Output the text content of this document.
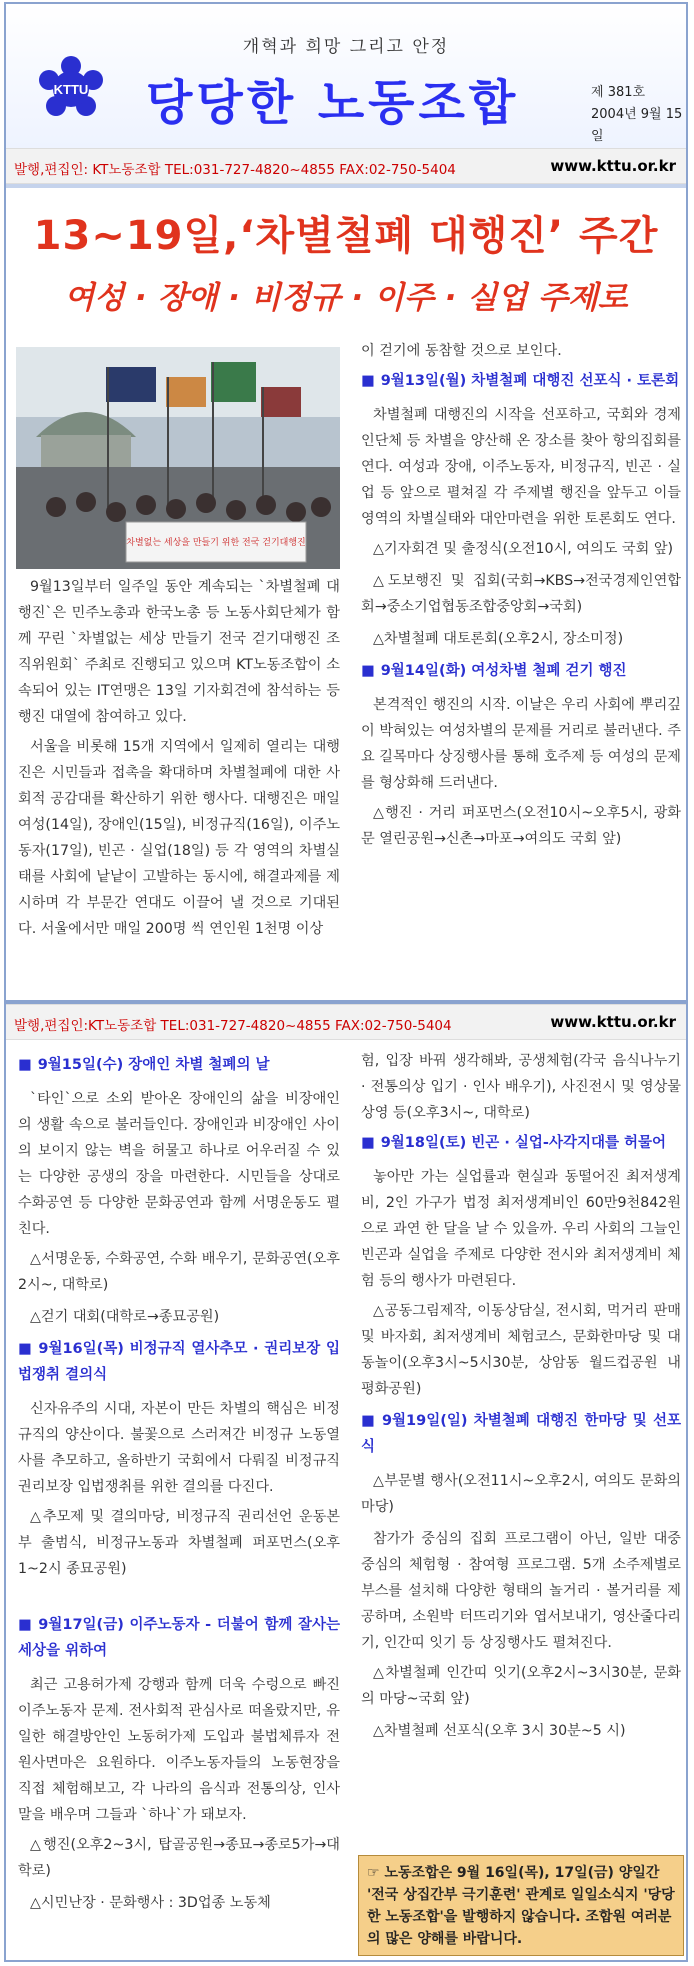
개혁과 희망 그리고 안정
KTTU 당당한 노동조합	제 381호
2004년 9월 15일
발행,편집인: KT노동조합 TEL:031-727-4820~4855 FAX:02-750-5404	www.kttu.or.kr
13~19일,‘차별철폐 대행진’ 주간
여성 · 장애 · 비정규 · 이주 · 실업 주제로
차별없는 세상을 만들기 위한 전국 걷기대행진

9월13일부터 일주일 동안 계속되는 `차별철폐 대행진`은 민주노총과 한국노총 등 노동사회단체가 함께 꾸린 `차별없는 세상 만들기 전국 걷기대행진 조직위원회` 주최로 진행되고 있으며 KT노동조합이 소속되어 있는 IT연맹은 13일 기자회견에 참석하는 등 행진 대열에 참여하고 있다.

서울을 비롯해 15개 지역에서 일제히 열리는 대행진은 시민들과 접촉을 확대하며 차별철폐에 대한 사회적 공감대를 확산하기 위한 행사다. 대행진은 매일 여성(14일), 장애인(15일), 비정규직(16일), 이주노동자(17일), 빈곤 · 실업(18일) 등 각 영역의 차별실태를 사회에 낱낱이 고발하는 동시에, 해결과제를 제시하며 각 부문간 연대도 이끌어 낼 것으로 기대된다. 서울에서만 매일 200명 씩 연인원 1천명 이상

이 걷기에 동참할 것으로 보인다.

■ 9월13일(월) 차별철폐 대행진 선포식 · 토론회

차별철폐 대행진의 시작을 선포하고, 국회와 경제인단체 등 차별을 양산해 온 장소를 찾아 항의집회를 연다. 여성과 장애, 이주노동자, 비정규직, 빈곤 · 실업 등 앞으로 펼쳐질 각 주제별 행진을 앞두고 이들 영역의 차별실태와 대안마련을 위한 토론회도 연다.

△기자회견 및 출정식(오전10시, 여의도 국회 앞)

△도보행진 및 집회(국회→KBS→전국경제인연합회→중소기업협동조합중앙회→국회)

△차별철폐 대토론회(오후2시, 장소미정)

■ 9월14일(화) 여성차별 철폐 걷기 행진

본격적인 행진의 시작. 이날은 우리 사회에 뿌리깊이 박혀있는 여성차별의 문제를 거리로 불러낸다. 주요 길목마다 상징행사를 통해 호주제 등 여성의 문제를 형상화해 드러낸다.

△행진 · 거리 퍼포먼스(오전10시~오후5시, 광화문 열린공원→신촌→마포→여의도 국회 앞)

발행,편집인:KT노동조합 TEL:031-727-4820~4855 FAX:02-750-5404	www.kttu.or.kr
■ 9월15일(수) 장애인 차별 철폐의 날

`타인`으로 소외 받아온 장애인의 삶을 비장애인의 생활 속으로 불러들인다. 장애인과 비장애인 사이의 보이지 않는 벽을 허물고 하나로 어우러질 수 있는 다양한 공생의 장을 마련한다. 시민들을 상대로 수화공연 등 다양한 문화공연과 함께 서명운동도 펼친다.

△서명운동, 수화공연, 수화 배우기, 문화공연(오후2시~, 대학로)

△걷기 대회(대학로→종묘공원)

■ 9월16일(목) 비정규직 열사추모 · 권리보장 입법쟁취 결의식

신자유주의 시대, 자본이 만든 차별의 핵심은 비정규직의 양산이다. 불꽃으로 스러져간 비정규 노동열사를 추모하고, 올하반기 국회에서 다뤄질 비정규직 권리보장 입법쟁취를 위한 결의를 다진다.

△추모제 및 결의마당, 비정규직 권리선언 운동본부 출범식, 비정규노동과 차별철폐 퍼포먼스(오후1~2시 종묘공원)

■ 9월17일(금) 이주노동자 - 더불어 함께 잘사는 세상을 위하여

최근 고용허가제 강행과 함께 더욱 수렁으로 빠진 이주노동자 문제. 전사회적 관심사로 떠올랐지만, 유일한 해결방안인 노동허가제 도입과 불법체류자 전원사면마은 요원하다. 이주노동자들의 노동현장을 직접 체험해보고, 각 나라의 음식과 전통의상, 인사말을 배우며 그들과 `하나`가 돼보자.

△행진(오후2~3시, 탑골공원→종묘→종로5가→대학로)

△시민난장 · 문화행사 : 3D업종 노동체

험, 입장 바꿔 생각해봐, 공생체험(각국 음식나누기 · 전통의상 입기 · 인사 배우기), 사진전시 및 영상물 상영 등(오후3시~, 대학로)

■ 9월18일(토) 빈곤 · 실업-사각지대를 허물어

놓아만 가는 실업률과 현실과 동떨어진 최저생계비, 2인 가구가 법정 최저생계비인 60만9천842원으로 과연 한 달을 날 수 있을까. 우리 사회의 그늘인 빈곤과 실업을 주제로 다양한 전시와 최저생계비 체험 등의 행사가 마련된다.

△공동그림제작, 이동상담실, 전시회, 먹거리 판매 및 바자회, 최저생계비 체험코스, 문화한마당 및 대동놀이(오후3시~5시30분, 상암동 월드컵공원 내 평화공원)

■ 9월19일(일) 차별철폐 대행진 한마당 및 선포식

△부문별 행사(오전11시~오후2시, 여의도 문화의 마당)

참가가 중심의 집회 프로그램이 아닌, 일반 대중 중심의 체험형 · 참여형 프로그램. 5개 소주제별로 부스를 설치해 다양한 형태의 놀거리 · 볼거리를 제공하며, 소원박 터뜨리기와 엽서보내기, 영산줄다리기, 인간띠 잇기 등 상징행사도 펼쳐진다.

△차별철폐 인간띠 잇기(오후2시~3시30분, 문화의 마당~국회 앞)

△차별철폐 선포식(오후 3시 30분~5 시)

☞ 노동조합은 9월 16일(목), 17일(금) 양일간 '전국 상집간부 극기훈련' 관계로 일일소식지 '당당한 노동조합'을 발행하지 않습니다. 조합원 여러분의 많은 양해를 바랍니다.
